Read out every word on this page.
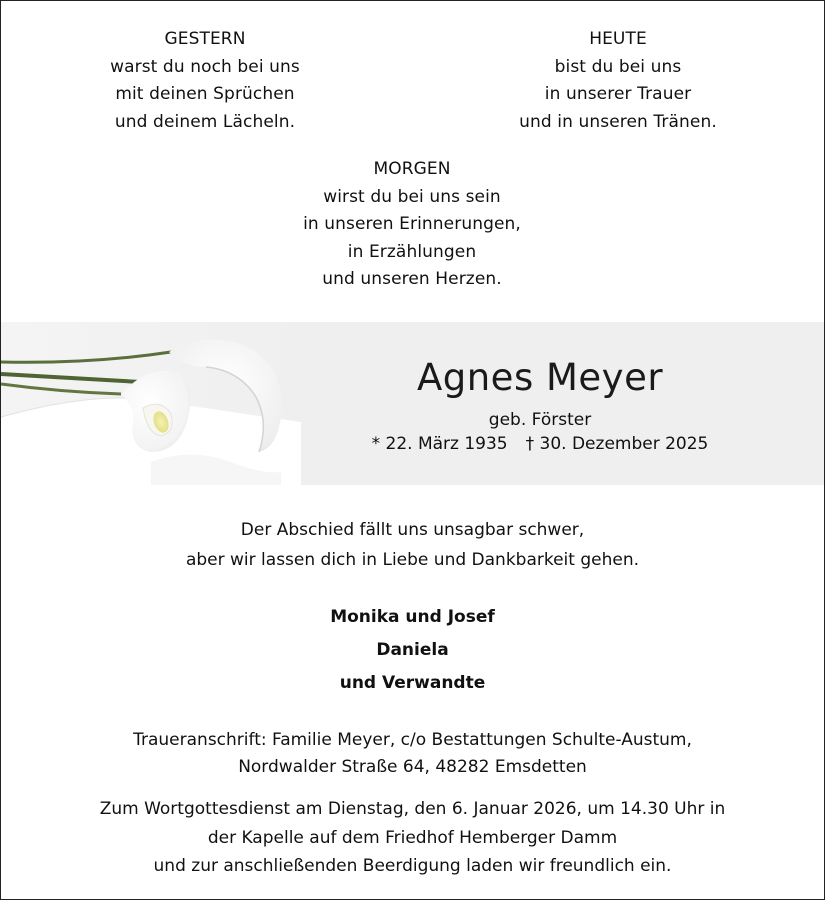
GESTERN
warst du noch bei uns
mit deinen Sprüchen
und deinem Lächeln.
HEUTE
bist du bei uns
in unserer Trauer
und in unseren Tränen.
MORGEN
wirst du bei uns sein
in unseren Erinnerungen,
in Erzählungen
und unseren Herzen.
Agnes Meyer
geb. Förster
* 22. März 1935 † 30. Dezember 2025
Der Abschied fällt uns unsagbar schwer,
aber wir lassen dich in Liebe und Dankbarkeit gehen.
Monika und Josef
Daniela
und Verwandte
Traueranschrift: Familie Meyer, c/o Bestattungen Schulte-Austum,
Nordwalder Straße 64, 48282 Emsdetten
Zum Wortgottesdienst am Dienstag, den 6. Januar 2026, um 14.30 Uhr in
der Kapelle auf dem Friedhof Hemberger Damm
und zur anschließenden Beerdigung laden wir freundlich ein.
